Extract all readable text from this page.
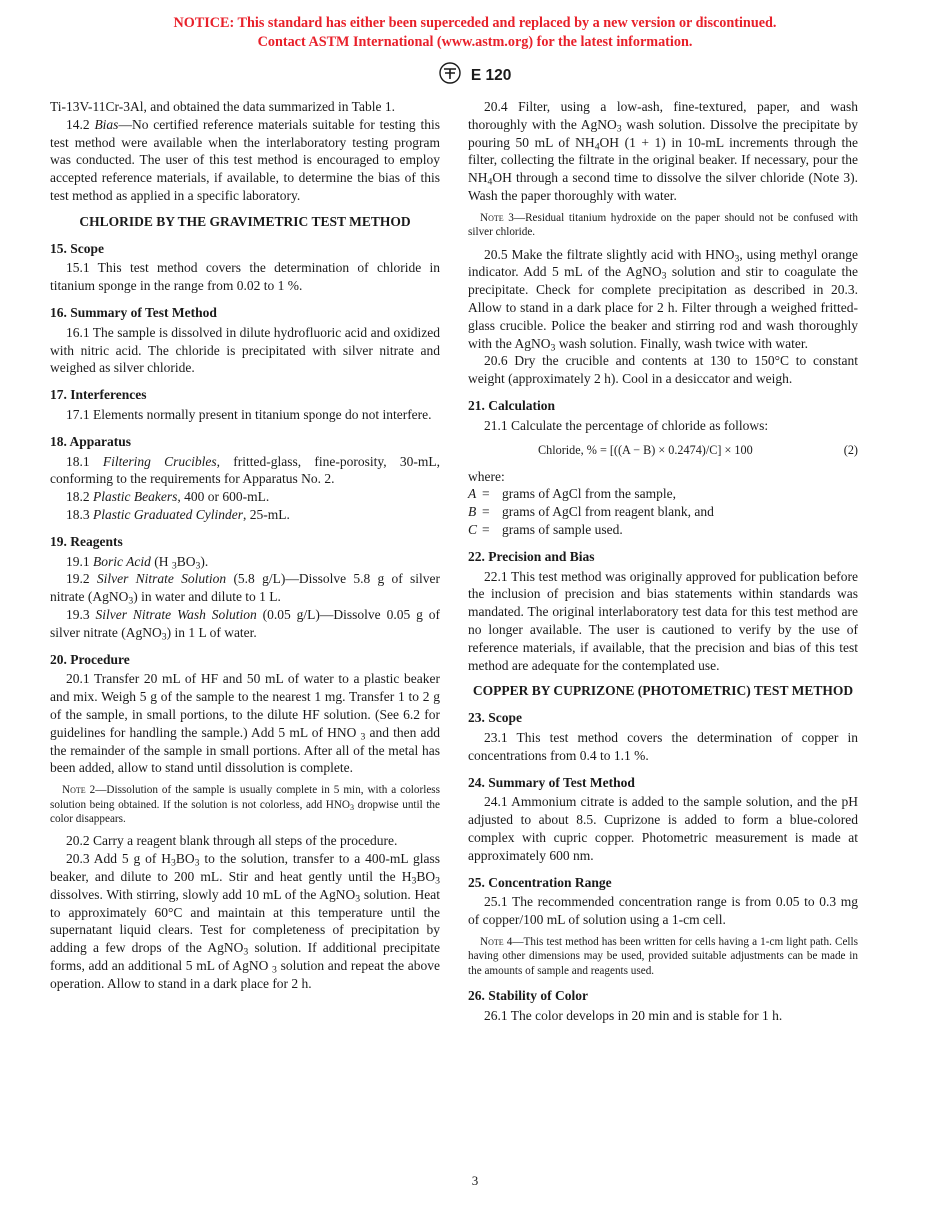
NOTICE: This standard has either been superceded and replaced by a new version or discontinued.
Contact ASTM International (www.astm.org) for the latest information.
E 120

Ti-13V-11Cr-3Al, and obtained the data summarized in Table 1.

14.2 Bias—No certified reference materials suitable for testing this test method were available when the interlaboratory testing program was conducted. The user of this test method is encouraged to employ accepted reference materials, if available, to determine the bias of this test method as applied in a specific laboratory.

CHLORIDE BY THE GRAVIMETRIC TEST METHOD

15. Scope

15.1 This test method covers the determination of chloride in titanium sponge in the range from 0.02 to 1 %.

16. Summary of Test Method

16.1 The sample is dissolved in dilute hydrofluoric acid and oxidized with nitric acid. The chloride is precipitated with silver nitrate and weighed as silver chloride.

17. Interferences

17.1 Elements normally present in titanium sponge do not interfere.

18. Apparatus

18.1 Filtering Crucibles, fritted-glass, fine-porosity, 30-mL, conforming to the requirements for Apparatus No. 2.

18.2 Plastic Beakers, 400 or 600-mL.

18.3 Plastic Graduated Cylinder, 25-mL.

19. Reagents

19.1 Boric Acid (H $_3BO_3$).

19.2 Silver Nitrate Solution (5.8 g/L)—Dissolve 5.8 g of silver nitrate (AgNO$_3$) in water and dilute to 1 L.

19.3 Silver Nitrate Wash Solution (0.05 g/L)—Dissolve 0.05 g of silver nitrate (AgNO$_3$) in 1 L of water.

20. Procedure

20.1 Transfer 20 mL of HF and 50 mL of water to a plastic beaker and mix. Weigh 5 g of the sample to the nearest 1 mg. Transfer 1 to 2 g of the sample, in small portions, to the dilute HF solution. (See 6.2 for guidelines for handling the sample.) Add 5 mL of HNO $_3$ and then add the remainder of the sample in small portions. After all of the metal has been added, allow to stand until dissolution is complete.

Note 2—Dissolution of the sample is usually complete in 5 min, with a colorless solution being obtained. If the solution is not colorless, add $HNO_3$ dropwise until the color disappears.

20.2 Carry a reagent blank through all steps of the procedure.

20.3 Add 5 g of $H_3BO_3$ to the solution, transfer to a 400-mL glass beaker, and dilute to 200 mL. Stir and heat gently until the $H_3BO_3$ dissolves. With stirring, slowly add 10 mL of the AgNO$_3$ solution. Heat to approximately 60°C and maintain at this temperature until the supernatant liquid clears. Test for completeness of precipitation by adding a few drops of the AgNO$_3$ solution. If additional precipitate forms, add an additional 5 mL of AgNO $_3$ solution and repeat the above operation. Allow to stand in a dark place for 2 h.

20.4 Filter, using a low-ash, fine-textured, paper, and wash thoroughly with the AgNO$_3$ wash solution. Dissolve the precipitate by pouring 50 mL of $NH_4OH$ (1 + 1) in 10-mL increments through the filter, collecting the filtrate in the original beaker. If necessary, pour the $NH_4OH$ through a second time to dissolve the silver chloride (Note 3). Wash the paper thoroughly with water.

Note 3—Residual titanium hydroxide on the paper should not be confused with silver chloride.

20.5 Make the filtrate slightly acid with $HNO_3$, using methyl orange indicator. Add 5 mL of the AgNO$_3$ solution and stir to coagulate the precipitate. Check for complete precipitation as described in 20.3. Allow to stand in a dark place for 2 h. Filter through a weighed fritted-glass crucible. Police the beaker and stirring rod and wash thoroughly with the AgNO$_3$ wash solution. Finally, wash twice with water.

20.6 Dry the crucible and contents at 130 to 150°C to constant weight (approximately 2 h). Cool in a desiccator and weigh.

21. Calculation

21.1 Calculate the percentage of chloride as follows:

Chloride, % = [((A − B) × 0.2474)/C] × 100	(2)

where:

A = grams of AgCl from the sample,
B = grams of AgCl from reagent blank, and
C = grams of sample used.

22. Precision and Bias

22.1 This test method was originally approved for publication before the inclusion of precision and bias statements within standards was mandated. The original interlaboratory test data for this test method are no longer available. The user is cautioned to verify by the use of reference materials, if available, that the precision and bias of this test method are adequate for the contemplated use.

COPPER BY CUPRIZONE (PHOTOMETRIC) TEST METHOD

23. Scope

23.1 This test method covers the determination of copper in concentrations from 0.4 to 1.1 %.

24. Summary of Test Method

24.1 Ammonium citrate is added to the sample solution, and the pH adjusted to about 8.5. Cuprizone is added to form a blue-colored complex with cupric copper. Photometric measurement is made at approximately 600 nm.

25. Concentration Range

25.1 The recommended concentration range is from 0.05 to 0.3 mg of copper/100 mL of solution using a 1-cm cell.

Note 4—This test method has been written for cells having a 1-cm light path. Cells having other dimensions may be used, provided suitable adjustments can be made in the amounts of sample and reagents used.

26. Stability of Color

26.1 The color develops in 20 min and is stable for 1 h.

3
